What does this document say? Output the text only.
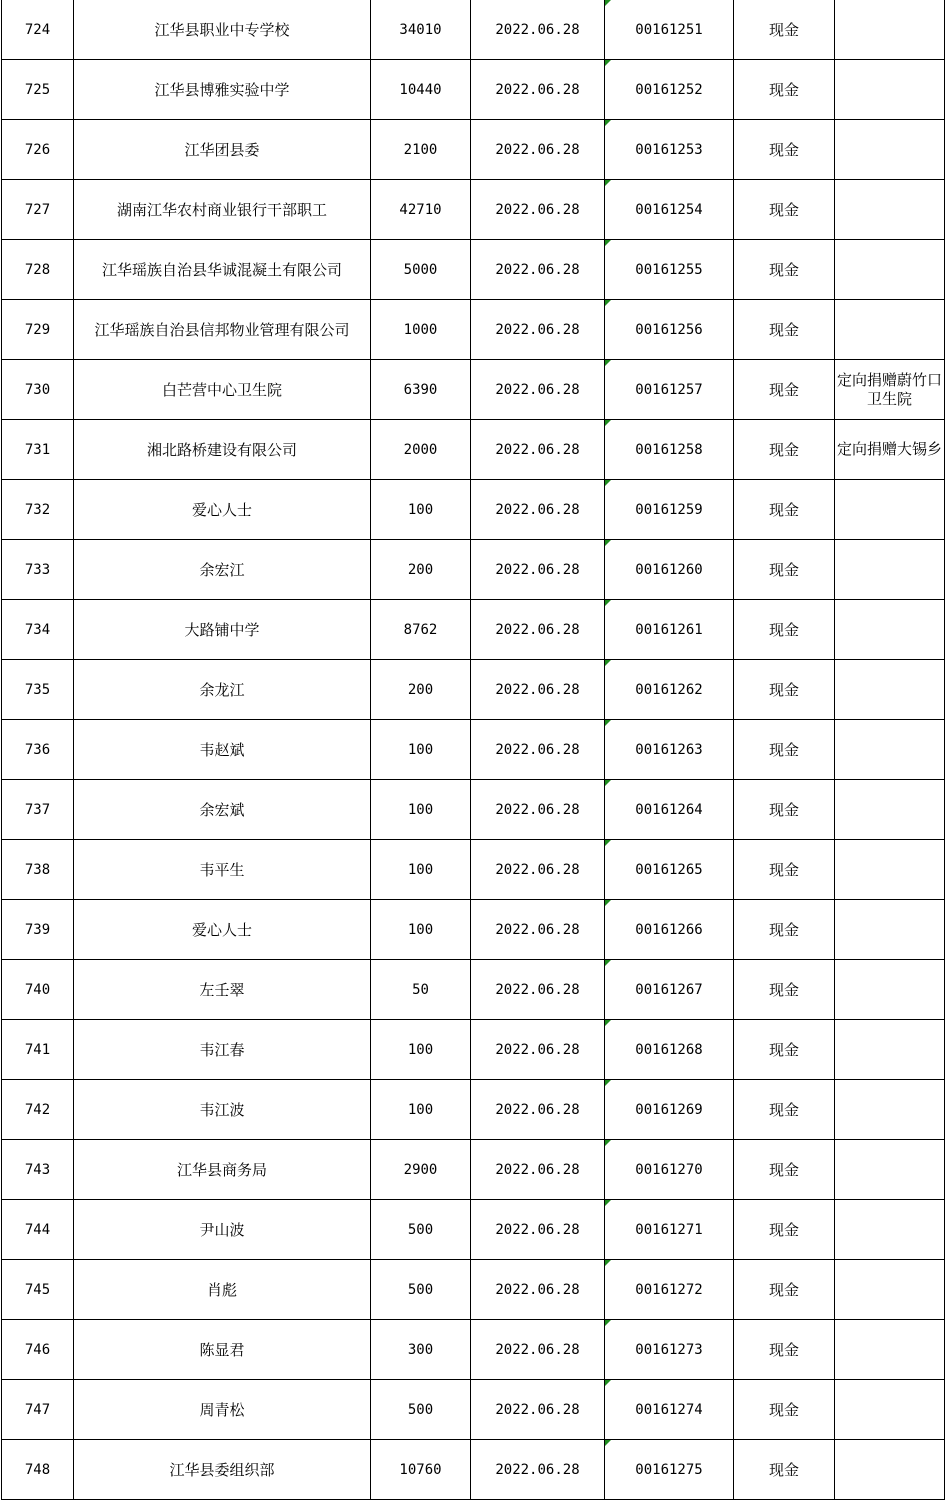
724	江华县职业中专学校	34010	2022.06.28	00161251	现金	
725	江华县博雅实验中学	10440	2022.06.28	00161252	现金	
726	江华团县委	2100	2022.06.28	00161253	现金	
727	湖南江华农村商业银行干部职工	42710	2022.06.28	00161254	现金	
728	江华瑶族自治县华诚混凝土有限公司	5000	2022.06.28	00161255	现金	
729	江华瑶族自治县信邦物业管理有限公司	1000	2022.06.28	00161256	现金	
730	白芒营中心卫生院	6390	2022.06.28	00161257	现金	定向捐赠蔚竹口卫生院
731	湘北路桥建设有限公司	2000	2022.06.28	00161258	现金	定向捐赠大锡乡
732	爱心人士	100	2022.06.28	00161259	现金	
733	余宏江	200	2022.06.28	00161260	现金	
734	大路铺中学	8762	2022.06.28	00161261	现金	
735	余龙江	200	2022.06.28	00161262	现金	
736	韦赵斌	100	2022.06.28	00161263	现金	
737	余宏斌	100	2022.06.28	00161264	现金	
738	韦平生	100	2022.06.28	00161265	现金	
739	爱心人士	100	2022.06.28	00161266	现金	
740	左壬翠	50	2022.06.28	00161267	现金	
741	韦江春	100	2022.06.28	00161268	现金	
742	韦江波	100	2022.06.28	00161269	现金	
743	江华县商务局	2900	2022.06.28	00161270	现金	
744	尹山波	500	2022.06.28	00161271	现金	
745	肖彪	500	2022.06.28	00161272	现金	
746	陈显君	300	2022.06.28	00161273	现金	
747	周青松	500	2022.06.28	00161274	现金	
748	江华县委组织部	10760	2022.06.28	00161275	现金	
